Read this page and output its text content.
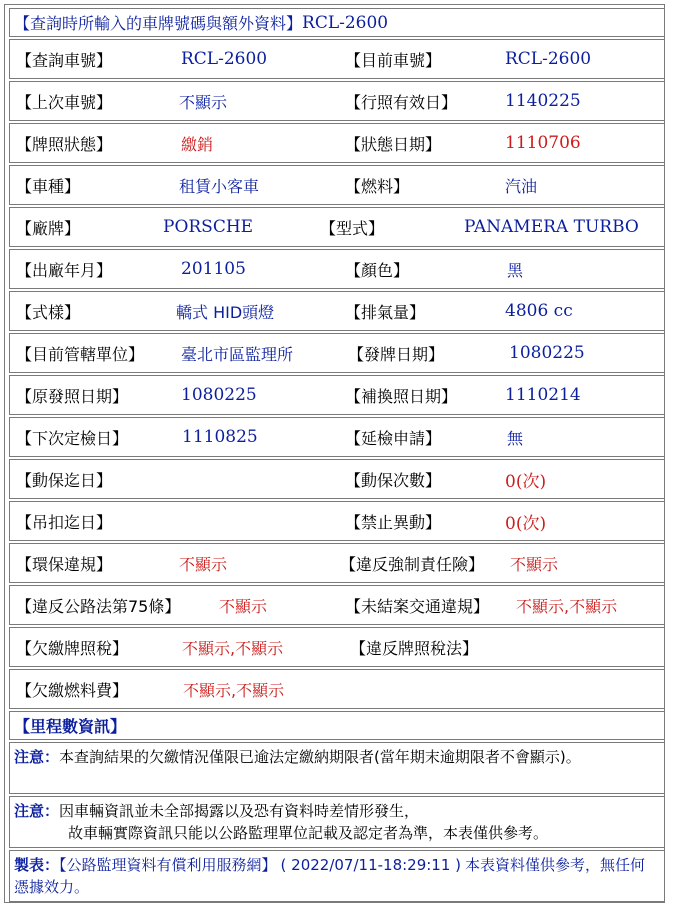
【查詢時所輸入的車牌號碼與額外資料】 RCL-2600
【查詢車號】	RCL-2600	【目前車號】	RCL-2600
【上次車號】	不顯示	【行照有效日】	1140225
【牌照狀態】	繳銷	【狀態日期】	1110706
【車種】	租賃小客車	【燃料】	汽油
【廠牌】	PORSCHE	【型式】	PANAMERA TURBO
【出廠年月】	201105	【顏色】	黑
【式樣】	轎式 HID頭燈	【排氣量】	4806 cc
【目前管轄單位】 臺北市區監理所	【發牌日期】	1080225
【原發照日期】	1080225	【補換照日期】	1110214
【下次定檢日】	1110825	【延檢申請】	無
【動保迄日】	【動保次數】	0(次)
【吊扣迄日】	【禁止異動】	0(次)
【環保違規】	不顯示	【違反強制責任險】 不顯示
【違反公路法第75條】 不顯示	【未結案交通違規】 不顯示,不顯示
【欠繳牌照稅】	不顯示,不顯示	【違反牌照稅法】
【欠繳燃料費】	不顯示,不顯示
【里程數資訊】
注意：本查詢結果的欠繳情況僅限已逾法定繳納期限者(當年期末逾期限者不會顯示)。
注意：因車輛資訊並未全部揭露以及恐有資料時差情形發生，
故車輛實際資訊只能以公路監理單位記載及認定者為準，本表僅供參考。
製表：【公路監理資料有償利用服務網】 ( 2022/07/11-18:29:11 ) 本表資料僅供參考，無任何憑據效力。
